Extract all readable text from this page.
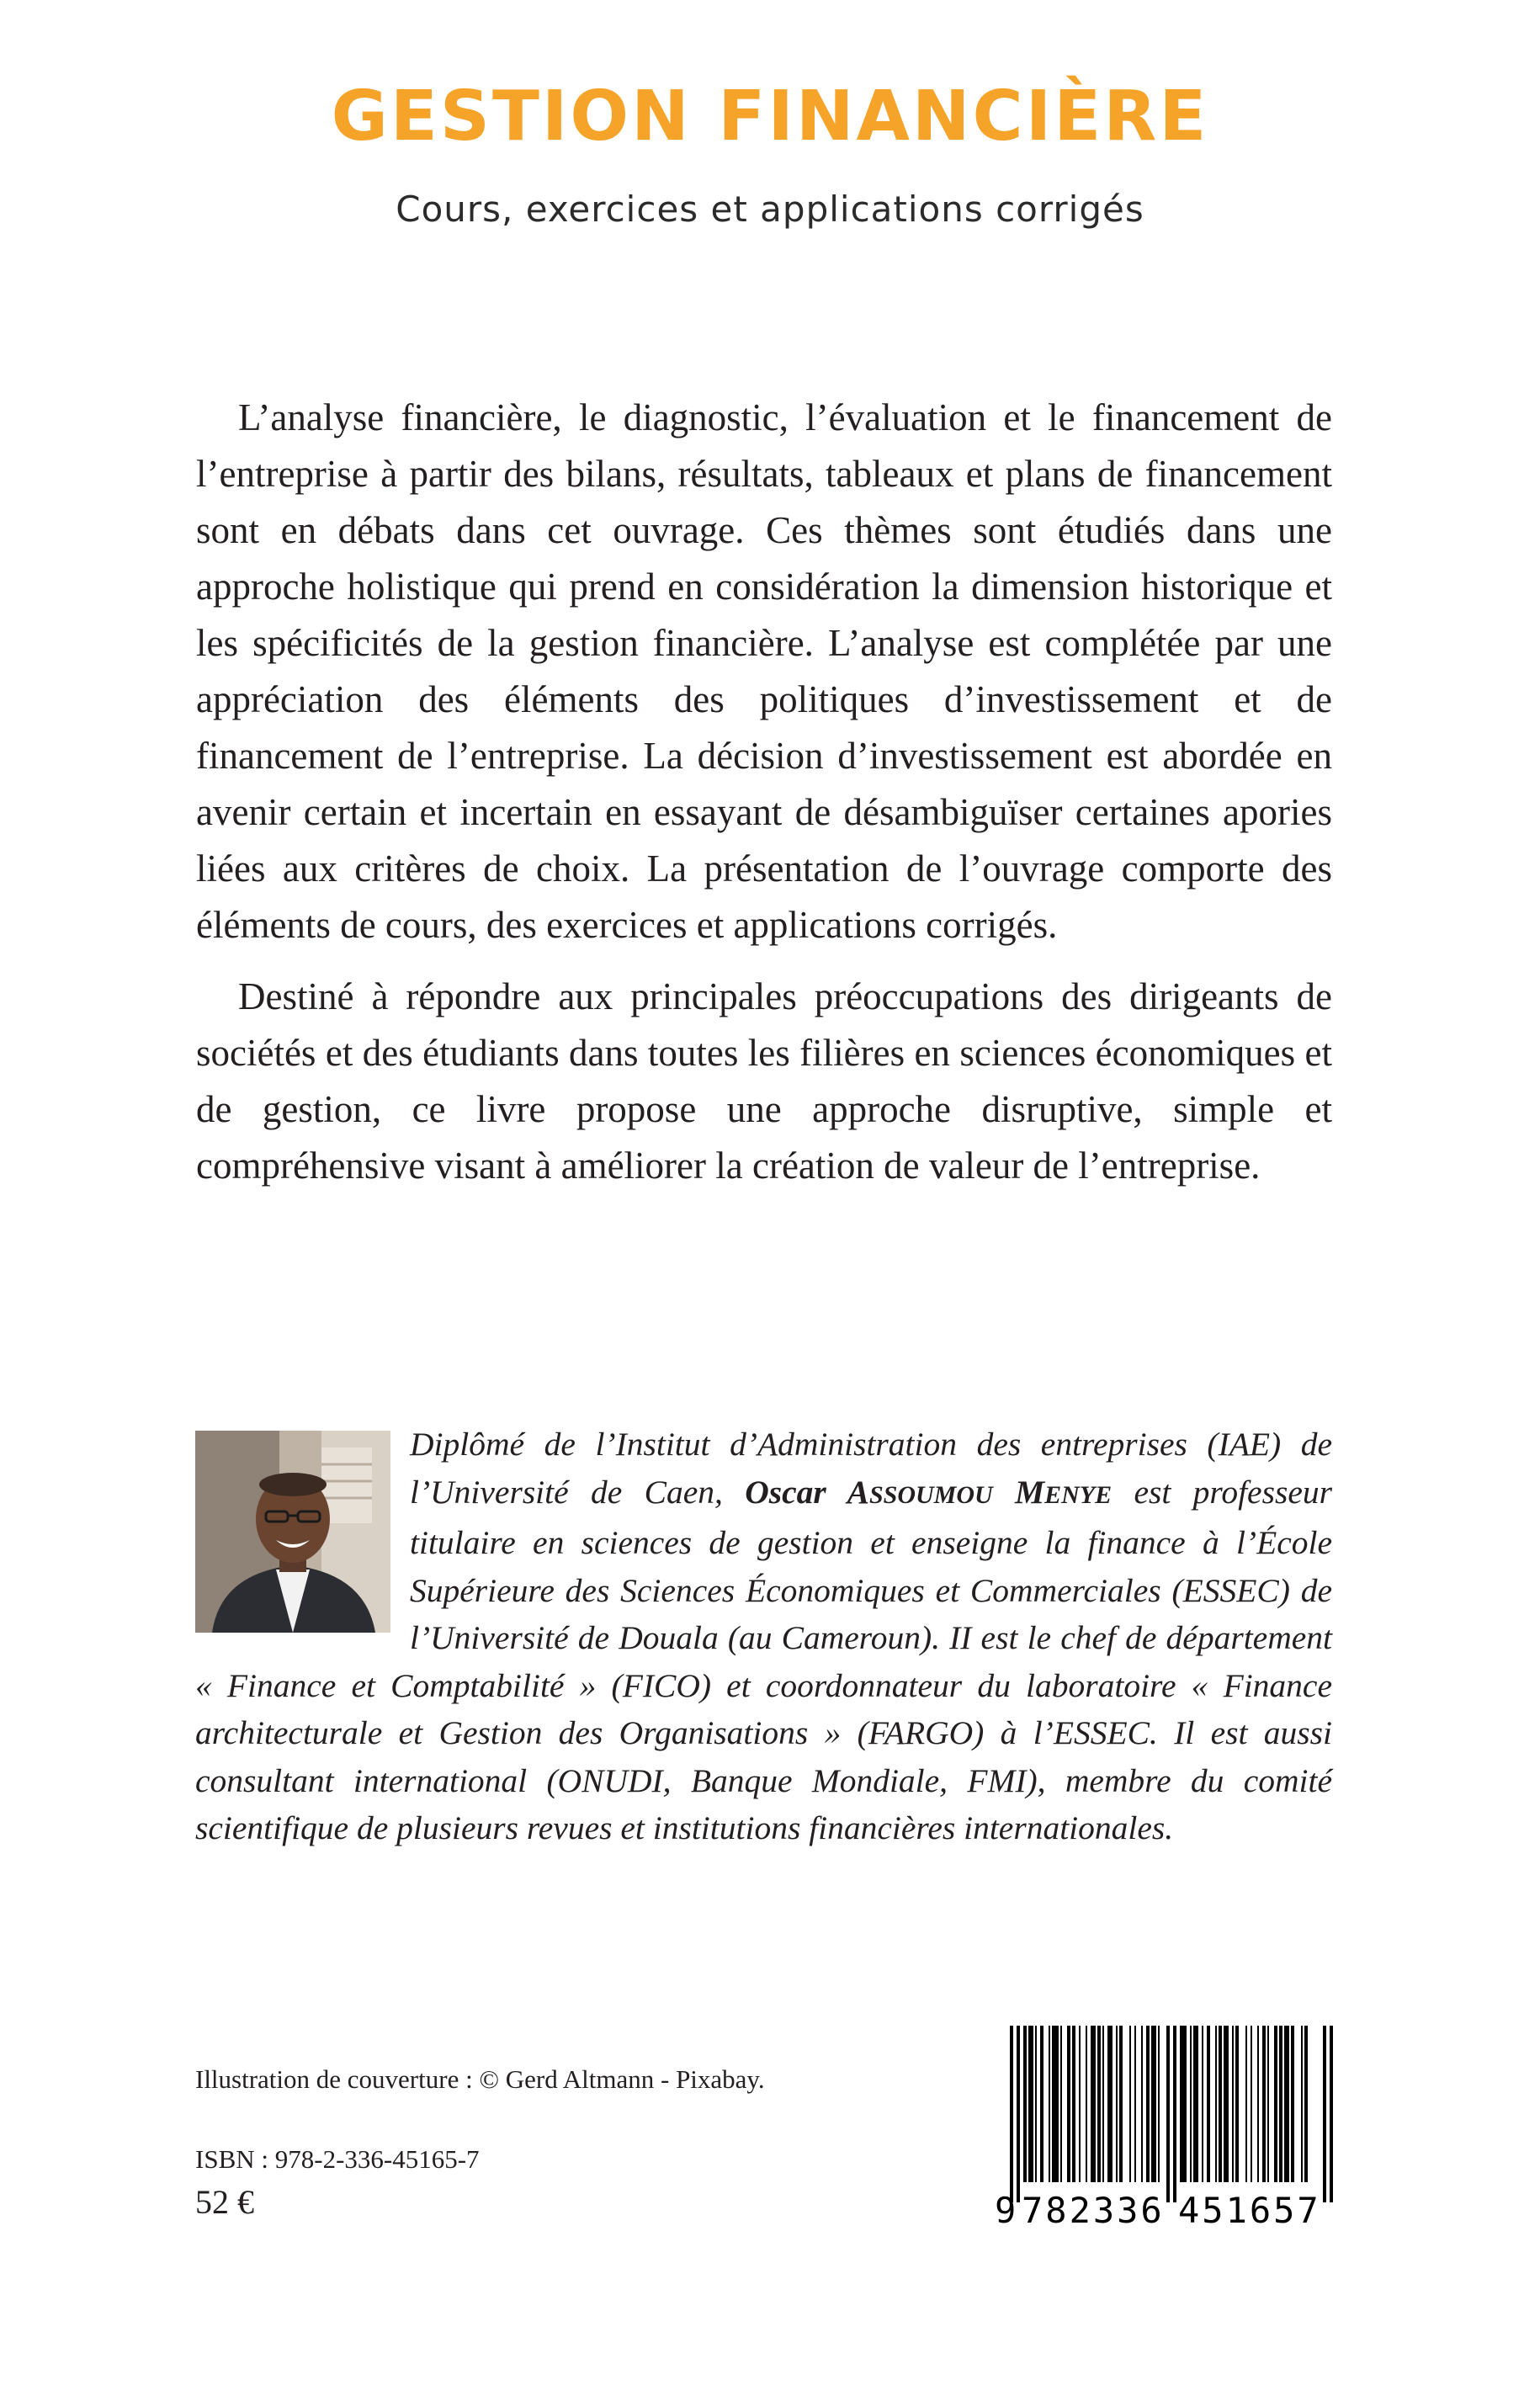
GESTION FINANCIÈRE
Cours, exercices et applications corrigés

L’analyse financière, le diagnostic, l’évaluation et le financement de l’entreprise à partir des bilans, résultats, tableaux et plans de financement sont en débats dans cet ouvrage. Ces thèmes sont étudiés dans une approche holistique qui prend en considération la dimension historique et les spécificités de la gestion financière. L’analyse est complétée par une appréciation des éléments des politiques d’investissement et de financement de l’entreprise. La décision d’investissement est abordée en avenir certain et incertain en essayant de désambiguïser certaines apories liées aux critères de choix. La présentation de l’ouvrage comporte des éléments de cours, des exercices et applications corrigés.

Destiné à répondre aux principales préoccupations des dirigeants de sociétés et des étudiants dans toutes les filières en sciences économiques et de gestion, ce livre propose une approche disruptive, simple et compréhensive visant à améliorer la création de valeur de l’entreprise.

Diplômé de l’Institut d’Administration des entreprises (IAE) de l’Université de Caen, Oscar ASSOUMOU MENYE est professeur titulaire en sciences de gestion et enseigne la finance à l’École Supérieure des Sciences Économiques et Commerciales (ESSEC) de l’Université de Douala (au Cameroun). II est le chef de département « Finance et Comptabilité » (FICO) et coordonnateur du laboratoire « Finance architecturale et Gestion des Organisations » (FARGO) à l’ESSEC. Il est aussi consultant international (ONUDI, Banque Mondiale, FMI), membre du comité scientifique de plusieurs revues et institutions financières internationales.
Illustration de couverture : © Gerd Altmann - Pixabay.
ISBN : 978-2-336-45165-7
52 €	9 782336 451657
